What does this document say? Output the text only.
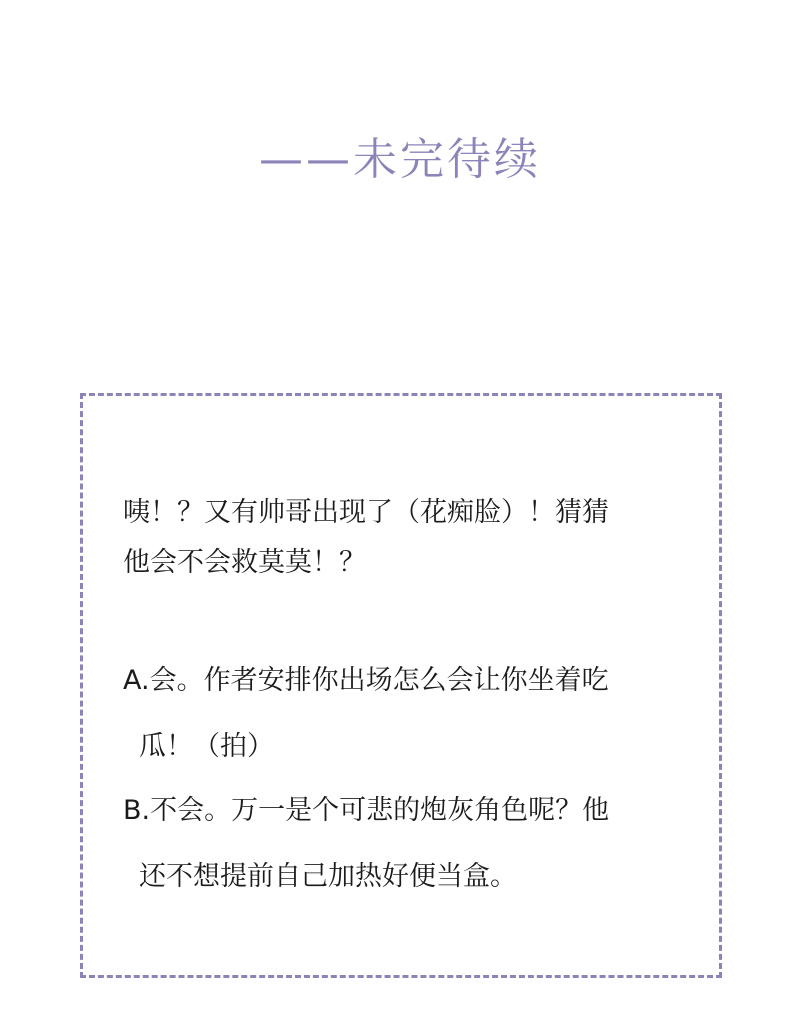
——未完待续
咦！？又有帅哥出现了（花痴脸）！猜猜
他会不会救莫莫！？
A.会。作者安排你出场怎么会让你坐着吃
瓜！（拍）
B.不会。万一是个可悲的炮灰角色呢？他
还不想提前自己加热好便当盒。
